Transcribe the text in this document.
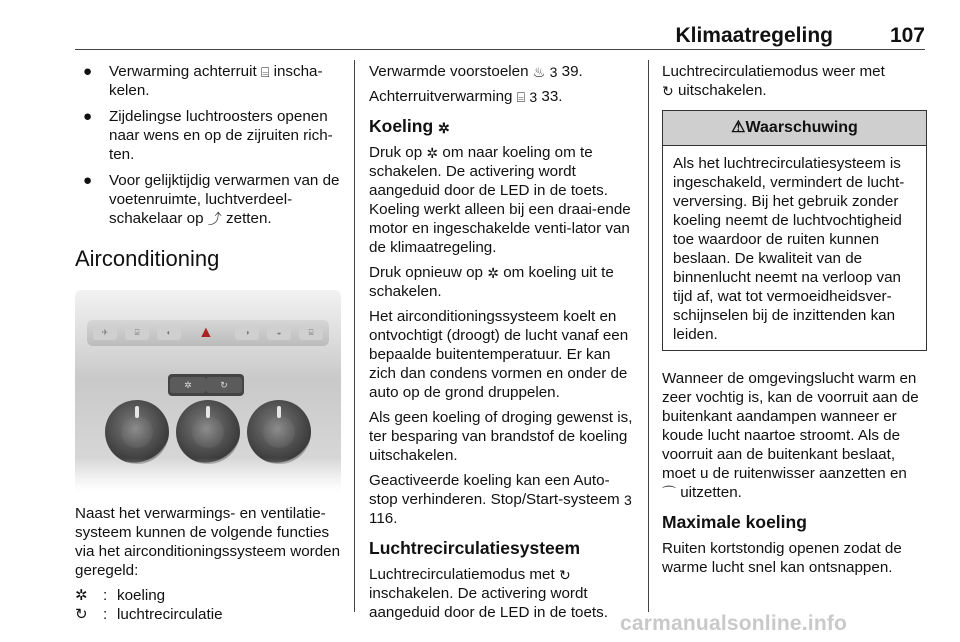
Klimaatregeling	107
● Verwarming achterruit ⌸ inscha-kelen.
● Zijdelingse luchtroosters openen naar wens en op de zijruiten rich-ten.
● Voor gelijktijdig verwarmen van de voetenruimte, luchtverdeel-schakelaar op ⤴ zetten.
Airconditioning
✈	⌸	◐	▲	◑	◒	⌸
✲	↻

Naast het verwarmings- en ventilatie-systeem kunnen de volgende functies via het airconditioningssysteem worden geregeld:

✲	: koeling
↻	: luchtrecirculatie

Verwarmde voorstoelen ♨ 3 39.

Achterruitverwarming ⌸ 3 33.

Koeling ✲

Druk op ✲ om naar koeling om te schakelen. De activering wordt aangeduid door de LED in de toets. Koeling werkt alleen bij een draai-ende motor en ingeschakelde venti-lator van de klimaatregeling.

Druk opnieuw op ✲ om koeling uit te schakelen.

Het airconditioningssysteem koelt en ontvochtigt (droogt) de lucht vanaf een bepaalde buitentemperatuur. Er kan zich dan condens vormen en onder de auto op de grond druppelen.

Als geen koeling of droging gewenst is, ter besparing van brandstof de koeling uitschakelen.

Geactiveerde koeling kan een Auto-stop verhinderen. Stop/Start-systeem 3 116.

Luchtrecirculatiesysteem

Luchtrecirculatiemodus met ↻ inschakelen. De activering wordt aangeduid door de LED in de toets.

Luchtrecirculatiemodus weer met
↻ uitschakelen.

⚠Waarschuwing
Als het luchtrecirculatiesysteem is ingeschakeld, vermindert de lucht-verversing. Bij het gebruik zonder koeling neemt de luchtvochtigheid toe waardoor de ruiten kunnen beslaan. De kwaliteit van de binnenlucht neemt na verloop van tijd af, wat tot vermoeidheidsver-schijnselen bij de inzittenden kan leiden.

Wanneer de omgevingslucht warm en zeer vochtig is, kan de voorruit aan de buitenkant aandampen wanneer er koude lucht naartoe stroomt. Als de voorruit aan de buitenkant beslaat, moet u de ruitenwisser aanzetten en
⌒ uitzetten.

Maximale koeling

Ruiten kortstondig openen zodat de warme lucht snel kan ontsnappen.

carmanualsonline.info
